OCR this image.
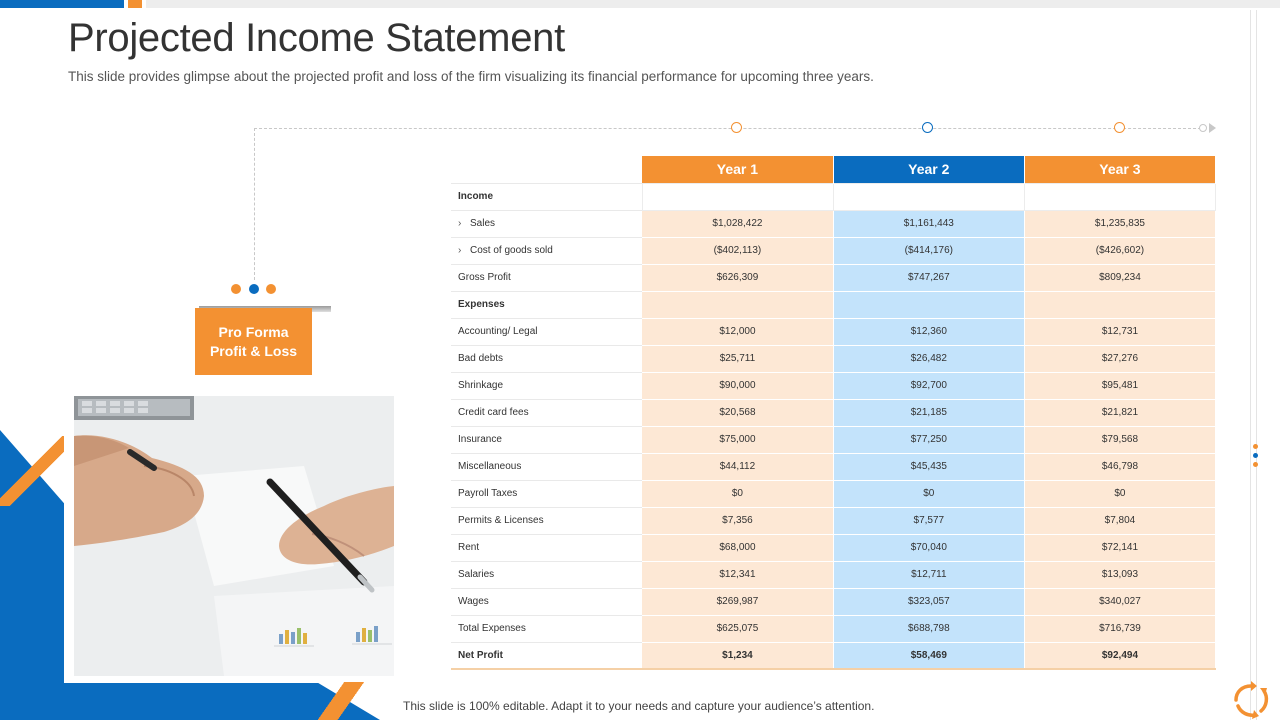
Projected Income Statement

This slide provides glimpse about the projected profit and loss of the firm visualizing its financial performance for upcoming three years.

Pro Forma Profit & Loss
	Year 1	Year 2	Year 3
Income			
› Sales	$1,028,422	$1,161,443	$1,235,835
› Cost of goods sold	($402,113)	($414,176)	($426,602)
Gross Profit	$626,309	$747,267	$809,234
Expenses			
Accounting/ Legal	$12,000	$12,360	$12,731
Bad debts	$25,711	$26,482	$27,276
Shrinkage	$90,000	$92,700	$95,481
Credit card fees	$20,568	$21,185	$21,821
Insurance	$75,000	$77,250	$79,568
Miscellaneous	$44,112	$45,435	$46,798
Payroll Taxes	$0	$0	$0
Permits & Licenses	$7,356	$7,577	$7,804
Rent	$68,000	$70,040	$72,141
Salaries	$12,341	$12,711	$13,093
Wages	$269,987	$323,057	$340,027
Total Expenses	$625,075	$688,798	$716,739
Net Profit	$1,234	$58,469	$92,494

This slide is 100% editable. Adapt it to your needs and capture your audience’s attention.
